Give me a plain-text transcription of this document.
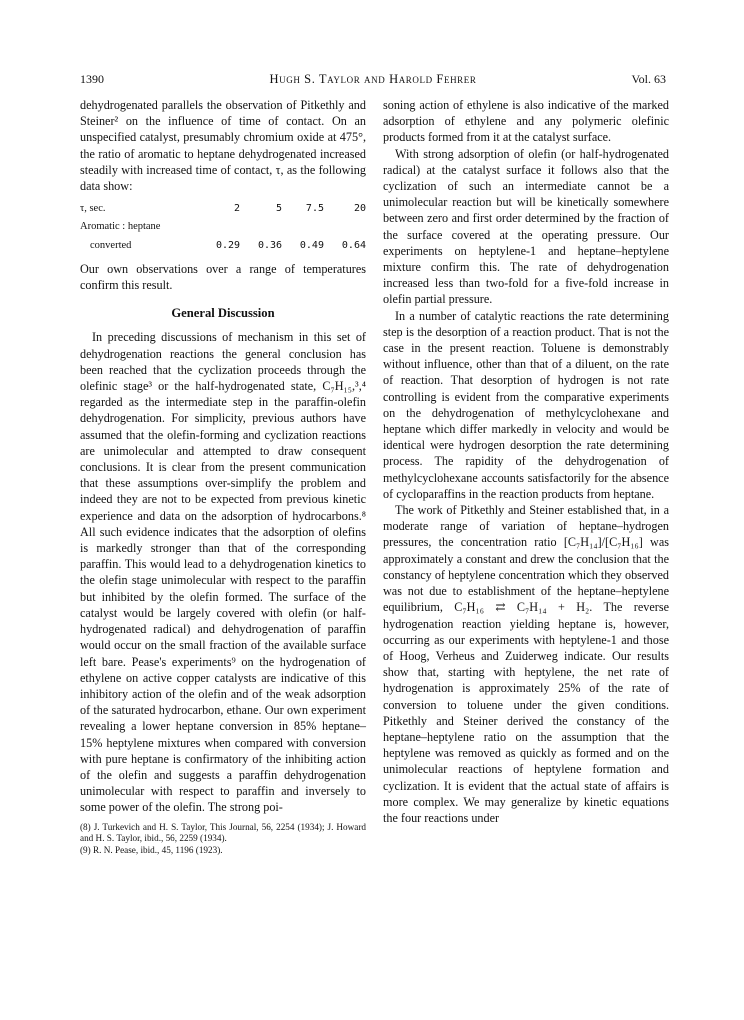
1390	Hugh S. Taylor and Harold Fehrer	Vol. 63

dehydrogenated parallels the observation of Pitkethly and Steiner² on the influence of time of contact. On an unspecified catalyst, presumably chromium oxide at 475°, the ratio of aromatic to heptane dehydrogenated increased steadily with increased time of contact, τ, as the following data show:

τ, sec.	2	5	7.5	20
Aromatic : heptane				
converted	0.29	0.36	0.49	0.64

Our own observations over a range of temperatures confirm this result.

General Discussion

In preceding discussions of mechanism in this set of dehydrogenation reactions the general conclusion has been reached that the cyclization proceeds through the olefinic stage³ or the half-hydrogenated state, C₇H₁₅,³,⁴ regarded as the intermediate step in the paraffin-olefin dehydrogenation. For simplicity, previous authors have assumed that the olefin-forming and cyclization reactions are unimolecular and attempted to draw consequent conclusions. It is clear from the present communication that these assumptions over-simplify the problem and indeed they are not to be expected from previous kinetic experience and data on the adsorption of hydrocarbons.⁸ All such evidence indicates that the adsorption of olefins is markedly stronger than that of the corresponding paraffin. This would lead to a dehydrogenation kinetics to the olefin stage unimolecular with respect to the paraffin but inhibited by the olefin formed. The surface of the catalyst would be largely covered with olefin (or half-hydrogenated radical) and dehydrogenation of paraffin would occur on the small fraction of the available surface left bare. Pease's experiments⁹ on the hydrogenation of ethylene on active copper catalysts are indicative of this inhibitory action of the olefin and of the weak adsorption of the saturated hydrocarbon, ethane. Our own experiment revealing a lower heptane conversion in 85% heptane–15% heptylene mixtures when compared with conversion with pure heptane is confirmatory of the inhibiting action of the olefin and suggests a paraffin dehydrogenation unimolecular with respect to paraffin and inversely to some power of the olefin. The strong poi-

(8) J. Turkevich and H. S. Taylor, This Journal, 56, 2254 (1934); J. Howard and H. S. Taylor, ibid., 56, 2259 (1934).

(9) R. N. Pease, ibid., 45, 1196 (1923).

soning action of ethylene is also indicative of the marked adsorption of ethylene and any polymeric olefinic products formed from it at the catalyst surface.

With strong adsorption of olefin (or half-hydrogenated radical) at the catalyst surface it follows also that the cyclization of such an intermediate cannot be a unimolecular reaction but will be kinetically somewhere between zero and first order determined by the fraction of the surface covered at the operating pressure. Our experiments on heptylene-1 and heptane–heptylene mixture confirm this. The rate of dehydrogenation increased less than two-fold for a five-fold increase in olefin partial pressure.

In a number of catalytic reactions the rate determining step is the desorption of a reaction product. That is not the case in the present reaction. Toluene is demonstrably without influence, other than that of a diluent, on the rate of reaction. That desorption of hydrogen is not rate controlling is evident from the comparative experiments on the dehydrogenation of methylcyclohexane and heptane which differ markedly in velocity and would be identical were hydrogen desorption the rate determining process. The rapidity of the dehydrogenation of methylcyclohexane accounts satisfactorily for the absence of cycloparaffins in the reaction products from heptane.

The work of Pitkethly and Steiner established that, in a moderate range of variation of heptane–hydrogen pressures, the concentration ratio [C₇H₁₄]/[C₇H₁₆] was approximately a constant and drew the conclusion that the constancy of heptylene concentration which they observed was not due to establishment of the heptane–heptylene equilibrium, C₇H₁₆ ⇄ C₇H₁₄ + H₂. The reverse hydrogenation reaction yielding heptane is, however, occurring as our experiments with heptylene-1 and those of Hoog, Verheus and Zuiderweg indicate. Our results show that, starting with heptylene, the net rate of hydrogenation is approximately 25% of the rate of conversion to toluene under the given conditions. Pitkethly and Steiner derived the constancy of the heptane–heptylene ratio on the assumption that the heptylene was removed as quickly as formed and on the unimolecular reactions of heptylene formation and cyclization. It is evident that the actual state of affairs is more complex. We may generalize by kinetic equations the four reactions under
